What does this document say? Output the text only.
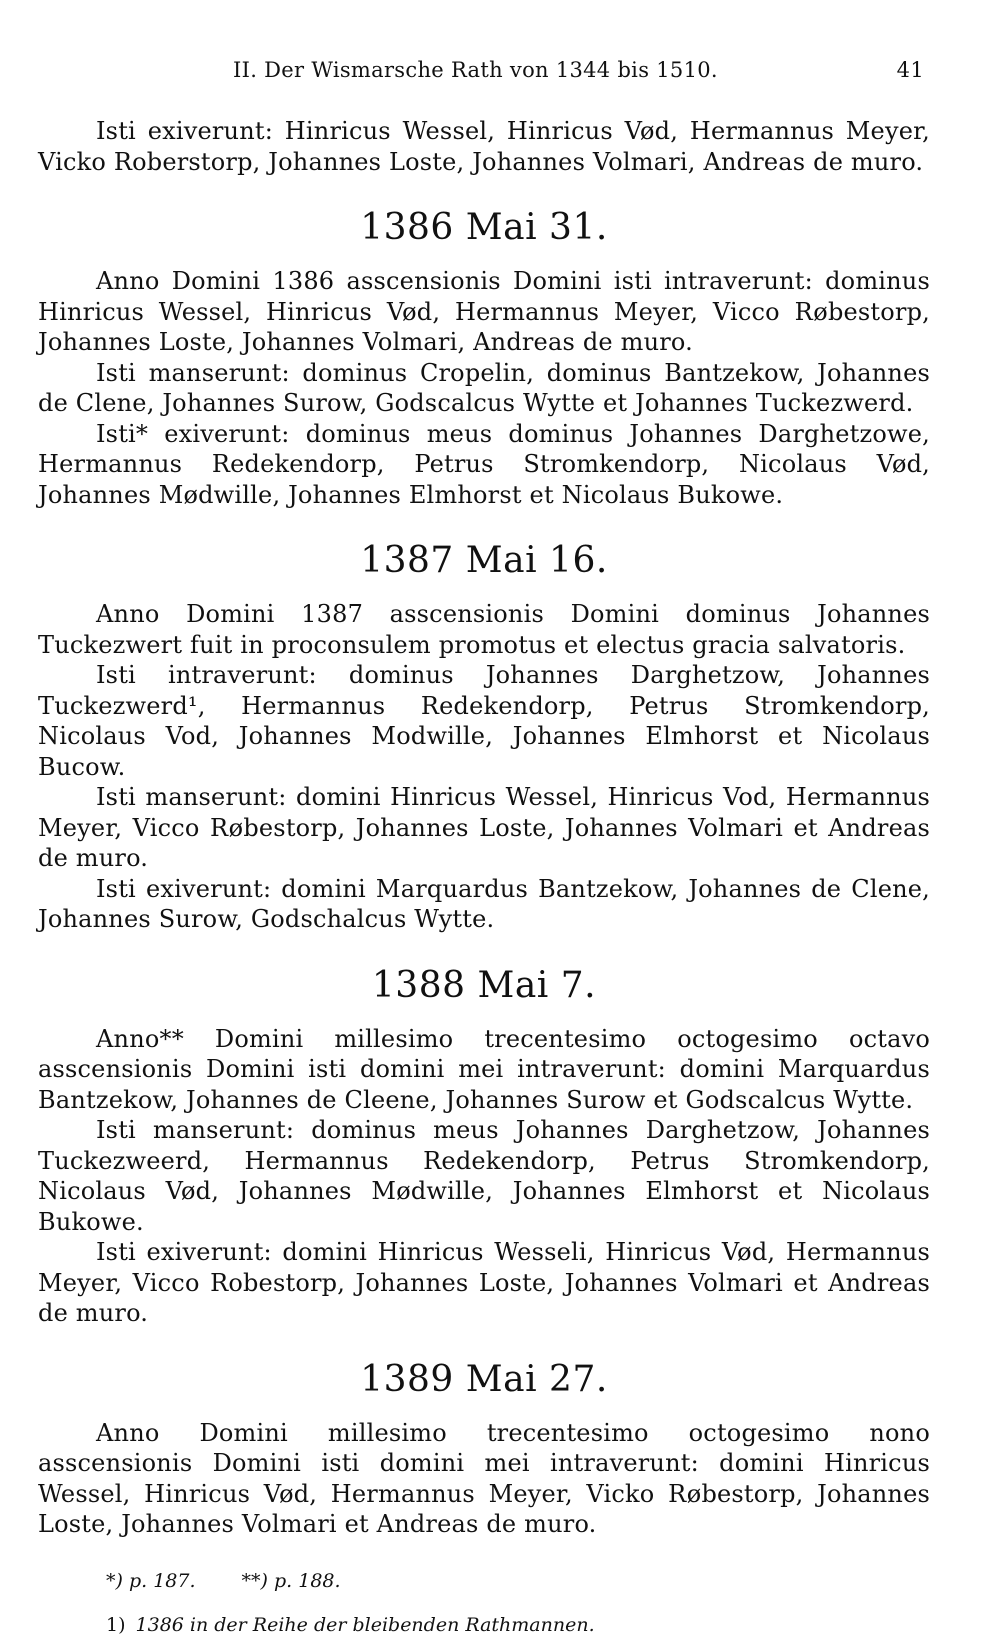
II. Der Wismarsche Rath von 1344 bis 1510.	41

Isti exiverunt: Hinricus Wessel, Hinricus Vød, Hermannus Meyer, Vicko Roberstorp, Johannes Loste, Johannes Volmari, Andreas de muro.

1386 Mai 31.

Anno Domini 1386 asscensionis Domini isti intraverunt: dominus Hinricus Wessel, Hinricus Vød, Hermannus Meyer, Vicco Røbestorp, Johannes Loste, Johannes Volmari, Andreas de muro.

Isti manserunt: dominus Cropelin, dominus Bantzekow, Johannes de Clene, Johannes Surow, Godscalcus Wytte et Johannes Tuckezwerd.

Isti* exiverunt: dominus meus dominus Johannes Darghetzowe, Hermannus Redekendorp, Petrus Stromkendorp, Nicolaus Vød, Johannes Mødwille, Johannes Elmhorst et Nicolaus Bukowe.

1387 Mai 16.

Anno Domini 1387 asscensionis Domini dominus Johannes Tuckezwert fuit in proconsulem promotus et electus gracia salvatoris.

Isti intraverunt: dominus Johannes Darghetzow, Johannes Tuckezwerd¹, Hermannus Redekendorp, Petrus Stromkendorp, Nicolaus Vod, Johannes Modwille, Johannes Elmhorst et Nicolaus Bucow.

Isti manserunt: domini Hinricus Wessel, Hinricus Vod, Hermannus Meyer, Vicco Røbestorp, Johannes Loste, Johannes Volmari et Andreas de muro.

Isti exiverunt: domini Marquardus Bantzekow, Johannes de Clene, Johannes Surow, Godschalcus Wytte.

1388 Mai 7.

Anno** Domini millesimo trecentesimo octogesimo octavo asscensionis Domini isti domini mei intraverunt: domini Marquardus Bantzekow, Johannes de Cleene, Johannes Surow et Godscalcus Wytte.

Isti manserunt: dominus meus Johannes Darghetzow, Johannes Tuckezweerd, Hermannus Redekendorp, Petrus Stromkendorp, Nicolaus Vød, Johannes Mødwille, Johannes Elmhorst et Nicolaus Bukowe.

Isti exiverunt: domini Hinricus Wesseli, Hinricus Vød, Hermannus Meyer, Vicco Robestorp, Johannes Loste, Johannes Volmari et Andreas de muro.

1389 Mai 27.

Anno Domini millesimo trecentesimo octogesimo nono asscensionis Domini isti domini mei intraverunt: domini Hinricus Wessel, Hinricus Vød, Hermannus Meyer, Vicko Røbestorp, Johannes Loste, Johannes Volmari et Andreas de muro.

*) p. 187. **) p. 188.
1) 1386 in der Reihe der bleibenden Rathmannen.
